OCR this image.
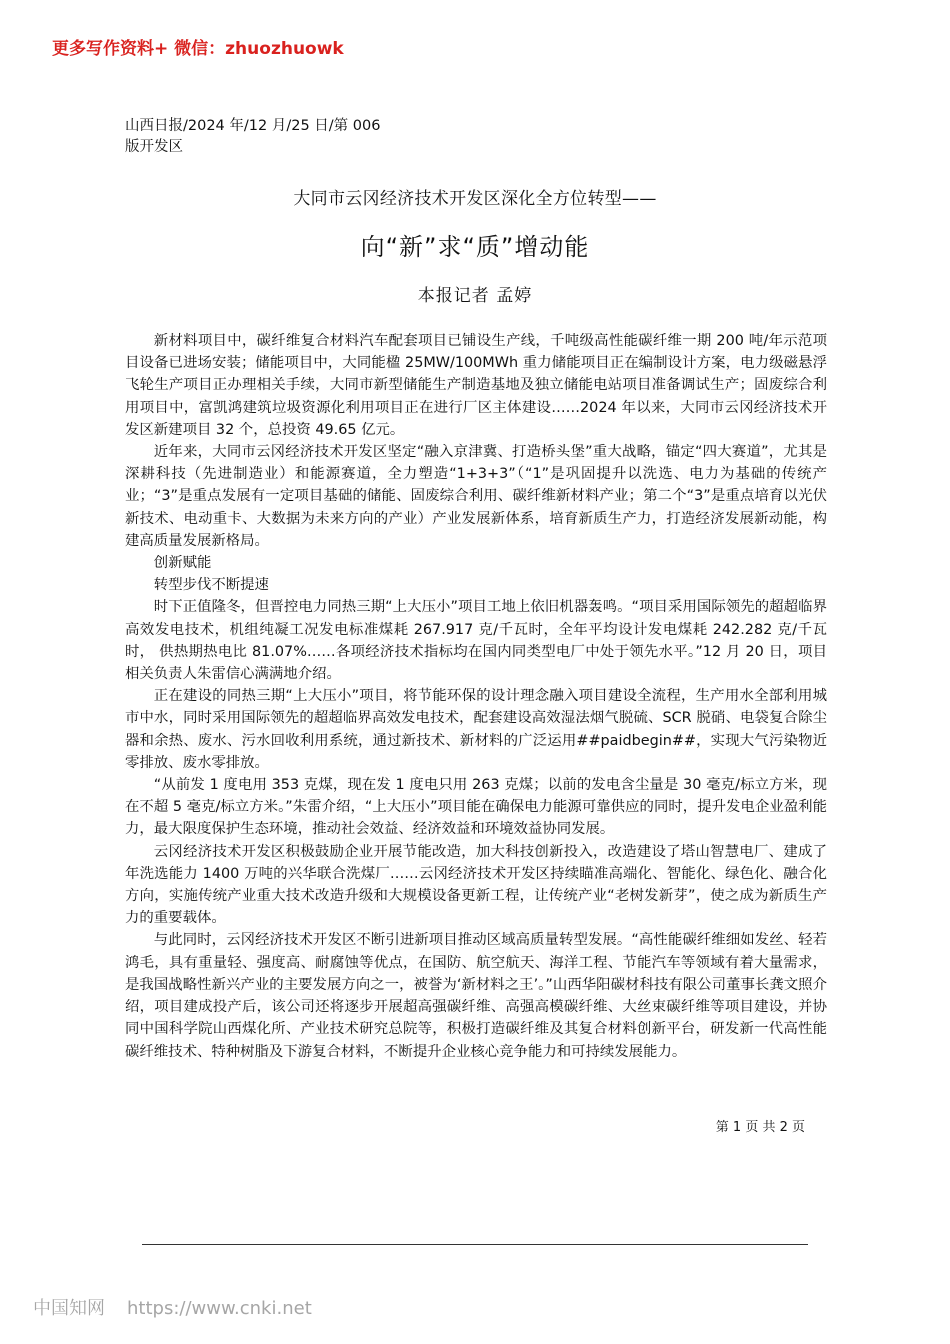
更多写作资料+ 微信：zhuozhuowk
山西日报/2024 年/12 月/25 日/第 006
版开发区
大同市云冈经济技术开发区深化全方位转型——
向“新”求“质”增动能
本报记者 孟婷

新材料项目中，碳纤维复合材料汽车配套项目已铺设生产线，千吨级高性能碳纤维一期 200 吨/年示范项目设备已进场安装；储能项目中，大同能楹 25MW/100MWh 重力储能项目正在编制设计方案，电力级磁悬浮飞轮生产项目正办理相关手续，大同市新型储能生产制造基地及独立储能电站项目准备调试生产；固废综合利用项目中，富凯鸿建筑垃圾资源化利用项目正在进行厂区主体建设……2024 年以来，大同市云冈经济技术开发区新建项目 32 个，总投资 49.65 亿元。

近年来，大同市云冈经济技术开发区坚定“融入京津冀、打造桥头堡”重大战略，锚定“四大赛道”，尤其是深耕科技（先进制造业）和能源赛道，全力塑造“1+3+3”（“1”是巩固提升以洗选、电力为基础的传统产业；“3”是重点发展有一定项目基础的储能、固废综合利用、碳纤维新材料产业；第二个“3”是重点培育以光伏新技术、电动重卡、大数据为未来方向的产业）产业发展新体系，培育新质生产力，打造经济发展新动能，构建高质量发展新格局。

创新赋能

转型步伐不断提速

时下正值隆冬，但晋控电力同热三期“上大压小”项目工地上依旧机器轰鸣。“项目采用国际领先的超超临界高效发电技术，机组纯凝工况发电标准煤耗 267.917 克/千瓦时，全年平均设计发电煤耗 242.282 克/千瓦时， 供热期热电比 81.07%……各项经济技术指标均在国内同类型电厂中处于领先水平。”12 月 20 日，项目相关负责人朱雷信心满满地介绍。

正在建设的同热三期“上大压小”项目，将节能环保的设计理念融入项目建设全流程，生产用水全部利用城市中水，同时采用国际领先的超超临界高效发电技术，配套建设高效湿法烟气脱硫、SCR 脱硝、电袋复合除尘器和余热、废水、污水回收利用系统，通过新技术、新材料的广泛运用##paidbegin##，实现大气污染物近零排放、废水零排放。

“从前发 1 度电用 353 克煤，现在发 1 度电只用 263 克煤；以前的发电含尘量是 30 毫克/标立方米，现在不超 5 毫克/标立方米。”朱雷介绍，“上大压小”项目能在确保电力能源可靠供应的同时，提升发电企业盈利能力，最大限度保护生态环境，推动社会效益、经济效益和环境效益协同发展。

云冈经济技术开发区积极鼓励企业开展节能改造，加大科技创新投入，改造建设了塔山智慧电厂、建成了年洗选能力 1400 万吨的兴华联合洗煤厂……云冈经济技术开发区持续瞄准高端化、智能化、绿色化、融合化方向，实施传统产业重大技术改造升级和大规模设备更新工程，让传统产业“老树发新芽”，使之成为新质生产力的重要载体。

与此同时，云冈经济技术开发区不断引进新项目推动区域高质量转型发展。“高性能碳纤维细如发丝、轻若鸿毛，具有重量轻、强度高、耐腐蚀等优点，在国防、航空航天、海洋工程、节能汽车等领域有着大量需求，是我国战略性新兴产业的主要发展方向之一，被誉为‘新材料之王’。”山西华阳碳材科技有限公司董事长龚文照介绍，项目建成投产后，该公司还将逐步开展超高强碳纤维、高强高模碳纤维、大丝束碳纤维等项目建设，并协同中国科学院山西煤化所、产业技术研究总院等，积极打造碳纤维及其复合材料创新平台，研发新一代高性能碳纤维技术、特种树脂及下游复合材料，不断提升企业核心竞争能力和可持续发展能力。

第 1 页 共 2 页
中国知网 https://www.cnki.net
